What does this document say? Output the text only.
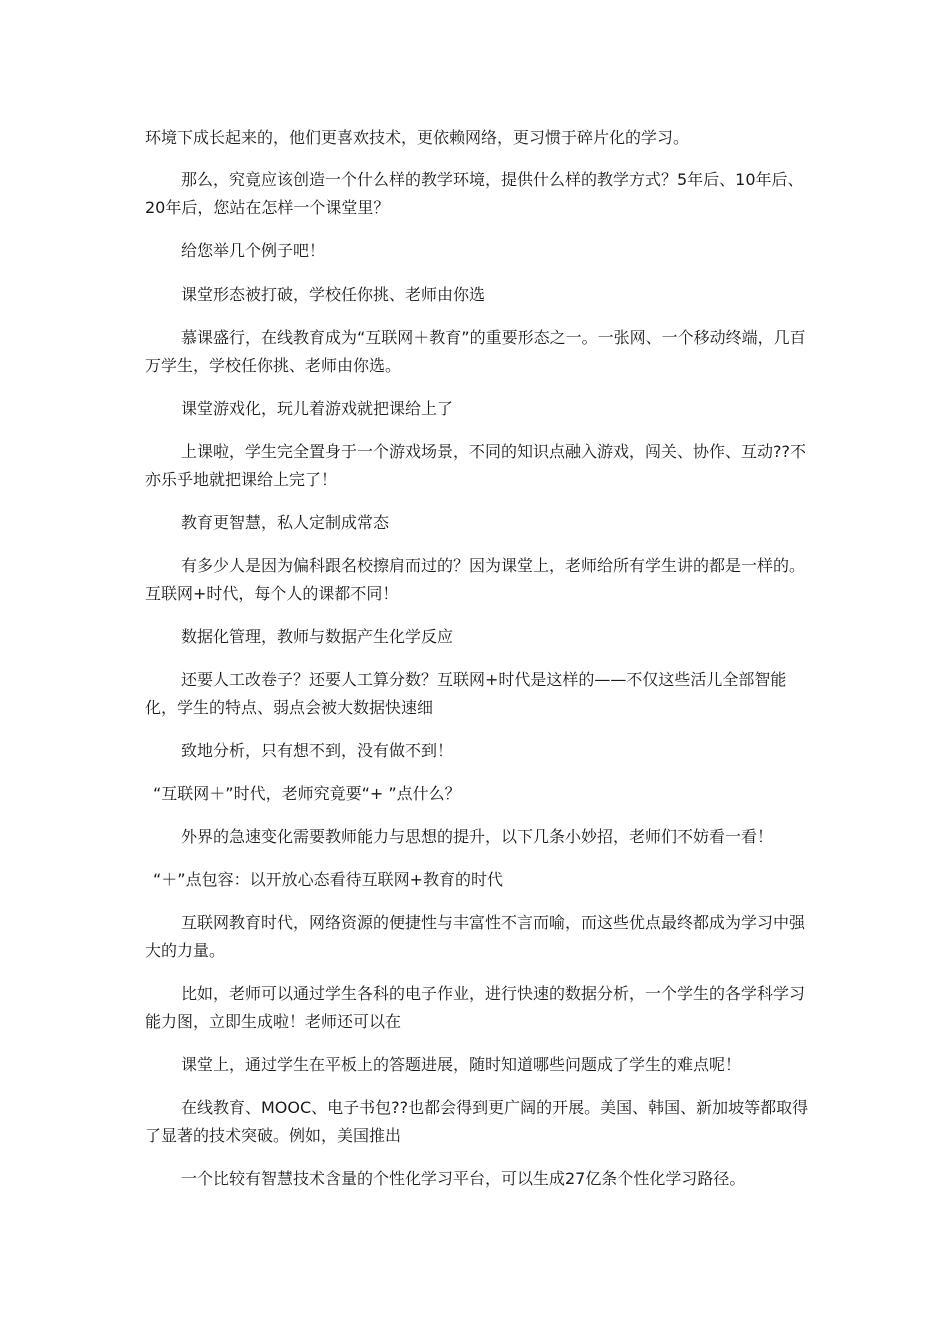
环境下成长起来的，他们更喜欢技术，更依赖网络，更习惯于碎片化的学习。

那么，究竟应该创造一个什么样的教学环境，提供什么样的教学方式？5年后、10年后、20年后，您站在怎样一个课堂里？

给您举几个例子吧！

课堂形态被打破，学校任你挑、老师由你选

慕课盛行，在线教育成为“互联网＋教育”的重要形态之一。一张网、一个移动终端，几百万学生，学校任你挑、老师由你选。

课堂游戏化，玩儿着游戏就把课给上了

上课啦，学生完全置身于一个游戏场景，不同的知识点融入游戏，闯关、协作、互动??不亦乐乎地就把课给上完了！

教育更智慧，私人定制成常态

有多少人是因为偏科跟名校擦肩而过的？因为课堂上，老师给所有学生讲的都是一样的。互联网+时代，每个人的课都不同！

数据化管理，教师与数据产生化学反应

还要人工改卷子？还要人工算分数？互联网+时代是这样的——不仅这些活儿全部智能化，学生的特点、弱点会被大数据快速细

致地分析，只有想不到，没有做不到！

“互联网＋”时代，老师究竟要“+ ”点什么？

外界的急速变化需要教师能力与思想的提升，以下几条小妙招，老师们不妨看一看！

“＋”点包容：以开放心态看待互联网+教育的时代

互联网教育时代，网络资源的便捷性与丰富性不言而喻，而这些优点最终都成为学习中强大的力量。

比如，老师可以通过学生各科的电子作业，进行快速的数据分析，一个学生的各学科学习能力图，立即生成啦！老师还可以在

课堂上，通过学生在平板上的答题进展，随时知道哪些问题成了学生的难点呢！

在线教育、MOOC、电子书包??也都会得到更广阔的开展。美国、韩国、新加坡等都取得了显著的技术突破。例如，美国推出

一个比较有智慧技术含量的个性化学习平台，可以生成27亿条个性化学习路径。
